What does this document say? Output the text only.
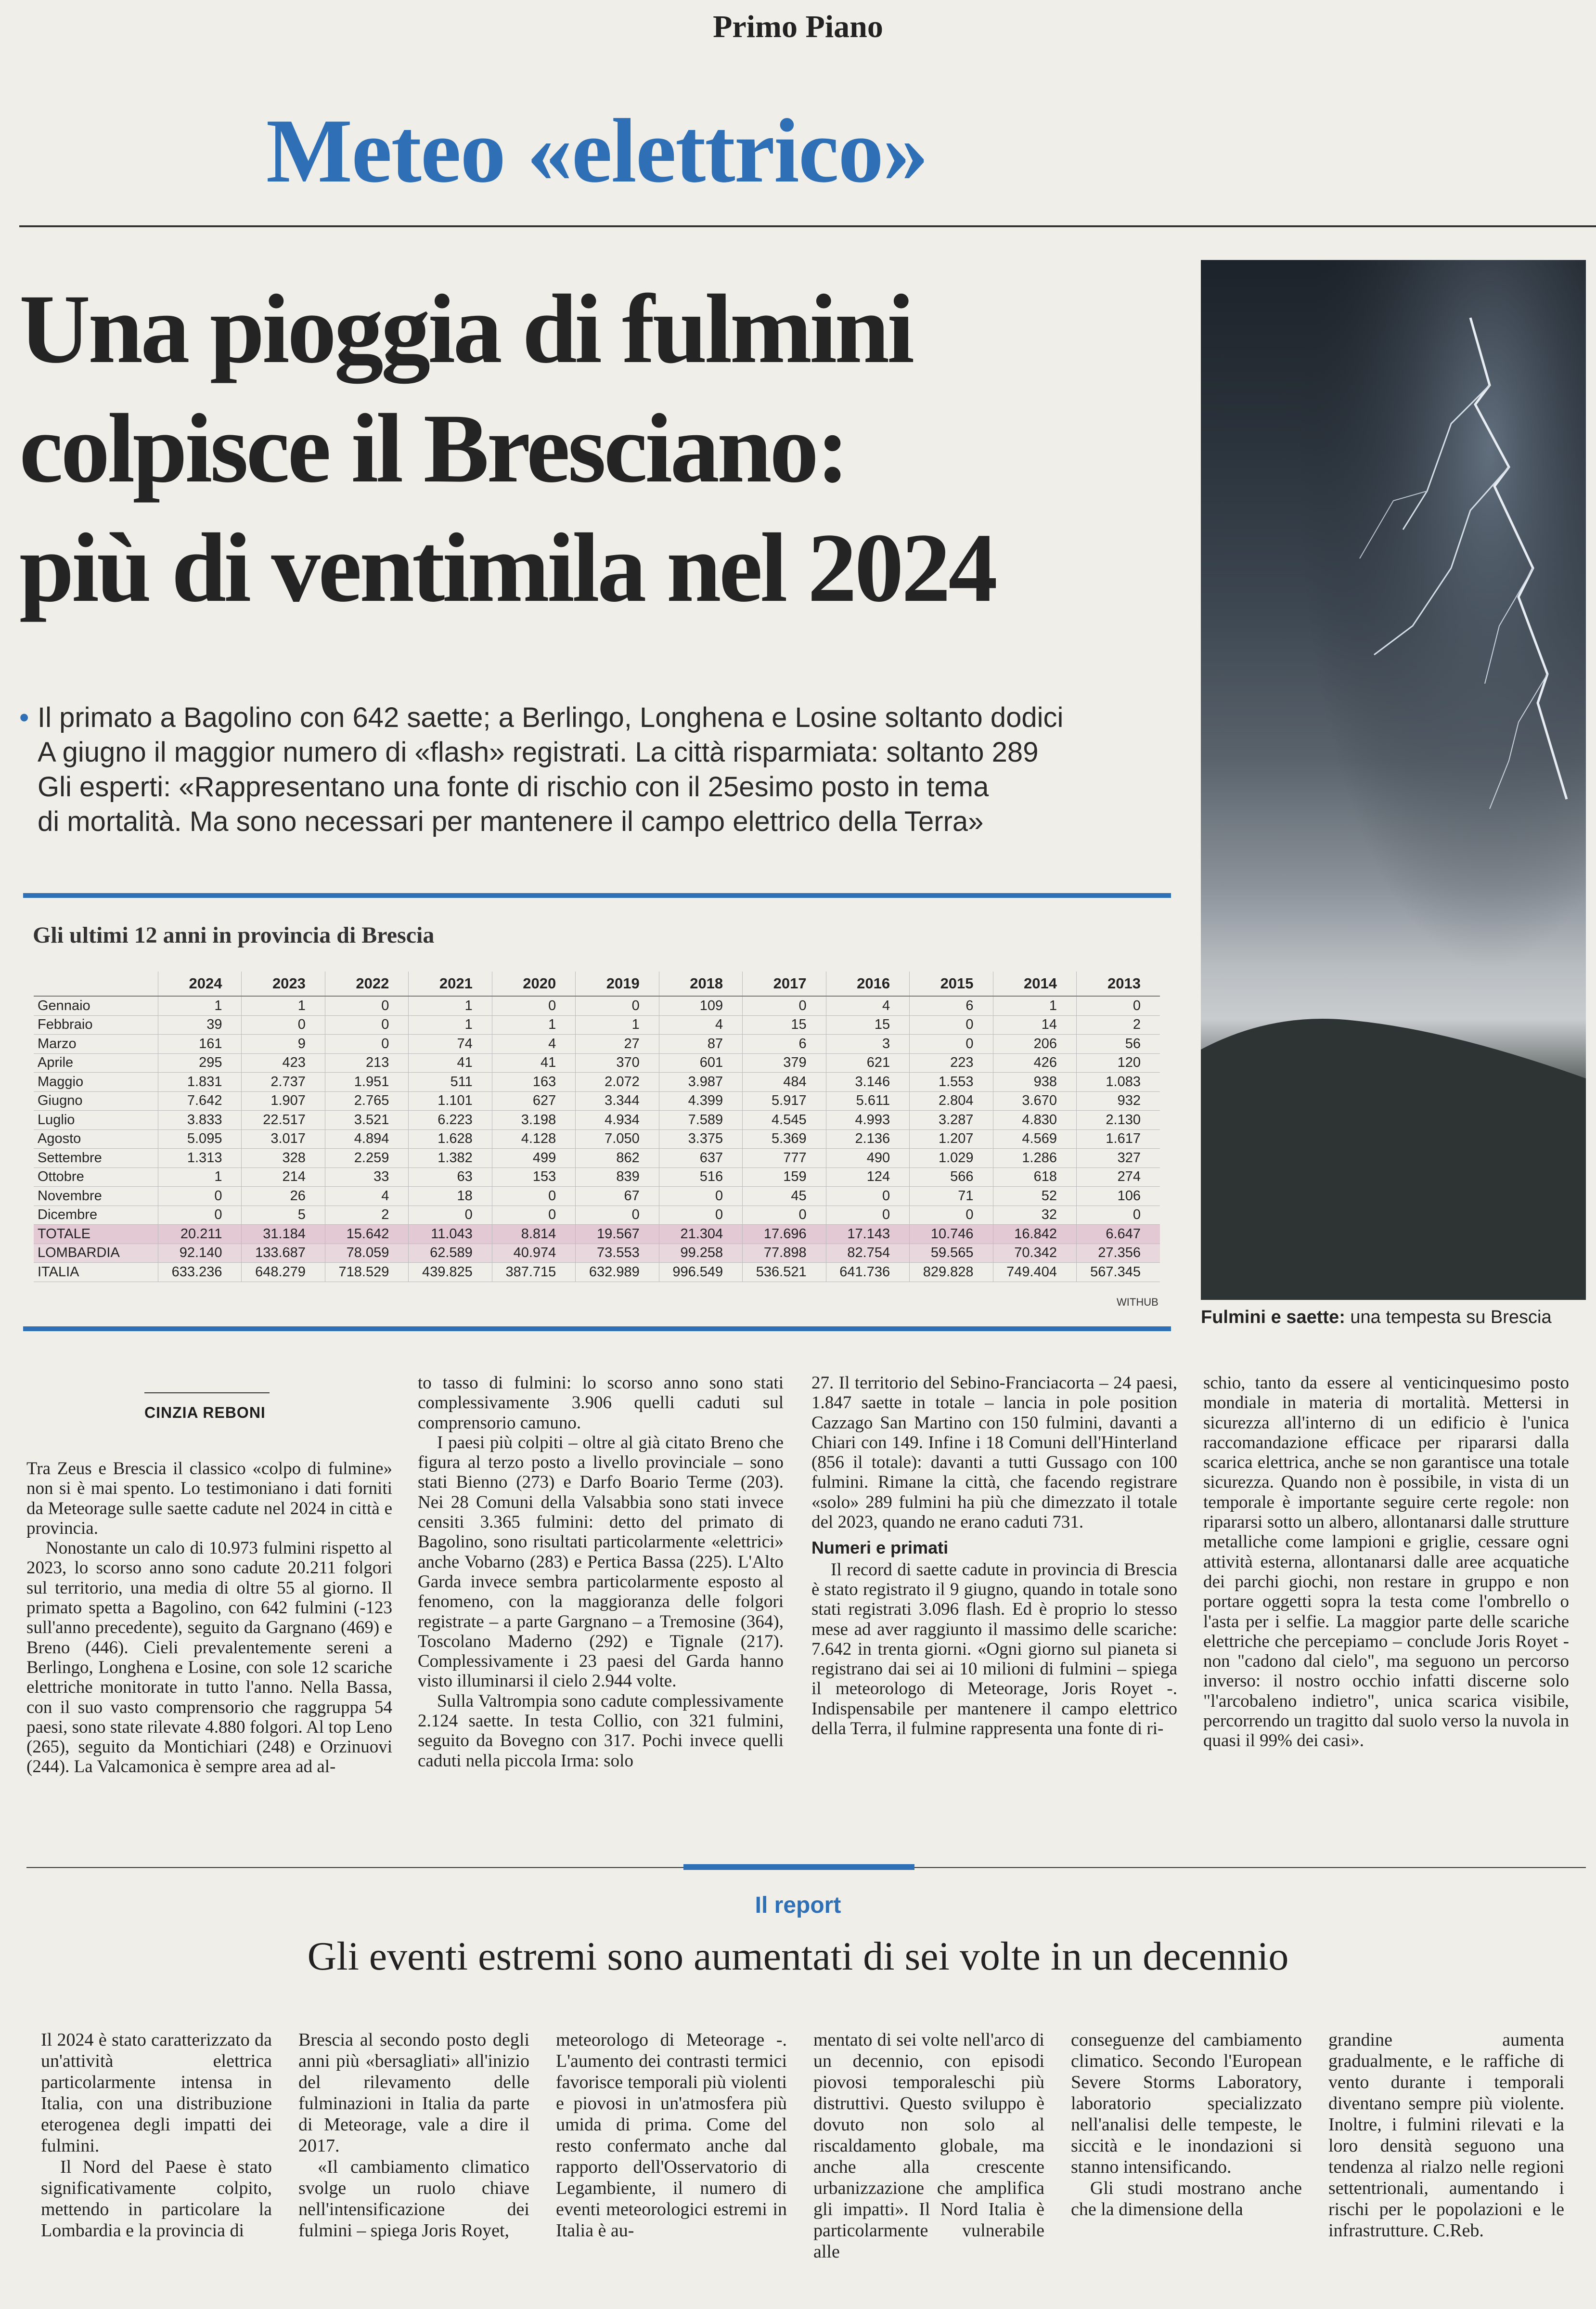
Primo Piano
Meteo «elettrico»
Una pioggia di fulmini
colpisce il Bresciano:
più di ventimila nel 2024
• Il primato a Bagolino con 642 saette; a Berlingo, Longhena e Losine soltanto dodici
A giugno il maggior numero di «flash» registrati. La città risparmiata: soltanto 289
Gli esperti: «Rappresentano una fonte di rischio con il 25esimo posto in tema
di mortalità. Ma sono necessari per mantenere il campo elettrico della Terra»
Fulmini e saette: una tempesta su Brescia
Gli ultimi 12 anni in provincia di Brescia
	2024	2023	2022	2021	2020	2019	2018	2017	2016	2015	2014	2013
Gennaio	1	1	0	1	0	0	109	0	4	6	1	0
Febbraio	39	0	0	1	1	1	4	15	15	0	14	2
Marzo	161	9	0	74	4	27	87	6	3	0	206	56
Aprile	295	423	213	41	41	370	601	379	621	223	426	120
Maggio	1.831	2.737	1.951	511	163	2.072	3.987	484	3.146	1.553	938	1.083
Giugno	7.642	1.907	2.765	1.101	627	3.344	4.399	5.917	5.611	2.804	3.670	932
Luglio	3.833	22.517	3.521	6.223	3.198	4.934	7.589	4.545	4.993	3.287	4.830	2.130
Agosto	5.095	3.017	4.894	1.628	4.128	7.050	3.375	5.369	2.136	1.207	4.569	1.617
Settembre	1.313	328	2.259	1.382	499	862	637	777	490	1.029	1.286	327
Ottobre	1	214	33	63	153	839	516	159	124	566	618	274
Novembre	0	26	4	18	0	67	0	45	0	71	52	106
Dicembre	0	5	2	0	0	0	0	0	0	0	32	0
TOTALE	20.211	31.184	15.642	11.043	8.814	19.567	21.304	17.696	17.143	10.746	16.842	6.647
LOMBARDIA	92.140	133.687	78.059	62.589	40.974	73.553	99.258	77.898	82.754	59.565	70.342	27.356
ITALIA	633.236	648.279	718.529	439.825	387.715	632.989	996.549	536.521	641.736	829.828	749.404	567.345
WITHUB
CINZIA REBONI

Tra Zeus e Brescia il classico «colpo di fulmine» non si è mai spento. Lo testimoniano i dati forniti da Meteorage sulle saette cadute nel 2024 in città e provincia.

Nonostante un calo di 10.973 fulmini rispetto al 2023, lo scorso anno sono cadute 20.211 folgori sul territorio, una media di oltre 55 al giorno. Il primato spetta a Bagolino, con 642 fulmini (-123 sull'anno precedente), seguito da Gargnano (469) e Breno (446). Cieli prevalentemente sereni a Berlingo, Longhena e Losine, con sole 12 scariche elettriche monitorate in tutto l'anno. Nella Bassa, con il suo vasto comprensorio che raggruppa 54 paesi, sono state rilevate 4.880 folgori. Al top Leno (265), seguito da Montichiari (248) e Orzinuovi (244). La Valcamonica è sempre area ad al-

to tasso di fulmini: lo scorso anno sono stati complessivamente 3.906 quelli caduti sul comprensorio camuno.

I paesi più colpiti – oltre al già citato Breno che figura al terzo posto a livello provinciale – sono stati Bienno (273) e Darfo Boario Terme (203). Nei 28 Comuni della Valsabbia sono stati invece censiti 3.365 fulmini: detto del primato di Bagolino, sono risultati particolarmente «elettrici» anche Vobarno (283) e Pertica Bassa (225). L'Alto Garda invece sembra particolarmente esposto al fenomeno, con la maggioranza delle folgori registrate – a parte Gargnano – a Tremosine (364), Toscolano Maderno (292) e Tignale (217). Complessivamente i 23 paesi del Garda hanno visto illuminarsi il cielo 2.944 volte.

Sulla Valtrompia sono cadute complessivamente 2.124 saette. In testa Collio, con 321 fulmini, seguito da Bovegno con 317. Pochi invece quelli caduti nella piccola Irma: solo

27. Il territorio del Sebino-Franciacorta – 24 paesi, 1.847 saette in totale – lancia in pole position Cazzago San Martino con 150 fulmini, davanti a Chiari con 149. Infine i 18 Comuni dell'Hinterland (856 il totale): davanti a tutti Gussago con 100 fulmini. Rimane la città, che facendo registrare «solo» 289 fulmini ha più che dimezzato il totale del 2023, quando ne erano caduti 731.

Numeri e primati

Il record di saette cadute in provincia di Brescia è stato registrato il 9 giugno, quando in totale sono stati registrati 3.096 flash. Ed è proprio lo stesso mese ad aver raggiunto il massimo delle scariche: 7.642 in trenta giorni. «Ogni giorno sul pianeta si registrano dai sei ai 10 milioni di fulmini – spiega il meteorologo di Meteorage, Joris Royet -. Indispensabile per mantenere il campo elettrico della Terra, il fulmine rappresenta una fonte di ri-

schio, tanto da essere al venticinquesimo posto mondiale in materia di mortalità. Mettersi in sicurezza all'interno di un edificio è l'unica raccomandazione efficace per ripararsi dalla scarica elettrica, anche se non garantisce una totale sicurezza. Quando non è possibile, in vista di un temporale è importante seguire certe regole: non ripararsi sotto un albero, allontanarsi dalle strutture metalliche come lampioni e griglie, cessare ogni attività esterna, allontanarsi dalle aree acquatiche dei parchi giochi, non restare in gruppo e non portare oggetti sopra la testa come l'ombrello o l'asta per i selfie. La maggior parte delle scariche elettriche che percepiamo – conclude Joris Royet - non "cadono dal cielo", ma seguono un percorso inverso: il nostro occhio infatti discerne solo "l'arcobaleno indietro", unica scarica visibile, percorrendo un tragitto dal suolo verso la nuvola in quasi il 99% dei casi».

Il report
Gli eventi estremi sono aumentati di sei volte in un decennio

Il 2024 è stato caratterizzato da un'attività elettrica particolarmente intensa in Italia, con una distribuzione eterogenea degli impatti dei fulmini.

Il Nord del Paese è stato significativamente colpito, mettendo in particolare la Lombardia e la provincia di

Brescia al secondo posto degli anni più «bersagliati» all'inizio del rilevamento delle fulminazioni in Italia da parte di Meteorage, vale a dire il 2017.

«Il cambiamento climatico svolge un ruolo chiave nell'intensificazione dei fulmini – spiega Joris Royet,

meteorologo di Meteorage -. L'aumento dei contrasti termici favorisce temporali più violenti e piovosi in un'atmosfera più umida di prima. Come del resto confermato anche dal rapporto dell'Osservatorio di Legambiente, il numero di eventi meteorologici estremi in Italia è au-

mentato di sei volte nell'arco di un decennio, con episodi piovosi temporaleschi più distruttivi. Questo sviluppo è dovuto non solo al riscaldamento globale, ma anche alla crescente urbanizzazione che amplifica gli impatti». Il Nord Italia è particolarmente vulnerabile alle

conseguenze del cambiamento climatico. Secondo l'European Severe Storms Laboratory, laboratorio specializzato nell'analisi delle tempeste, le siccità e le inondazioni si stanno intensificando.

Gli studi mostrano anche che la dimensione della

grandine aumenta gradualmente, e le raffiche di vento durante i temporali diventano sempre più violente. Inoltre, i fulmini rilevati e la loro densità seguono una tendenza al rialzo nelle regioni settentrionali, aumentando i rischi per le popolazioni e le infrastrutture. C.Reb.
